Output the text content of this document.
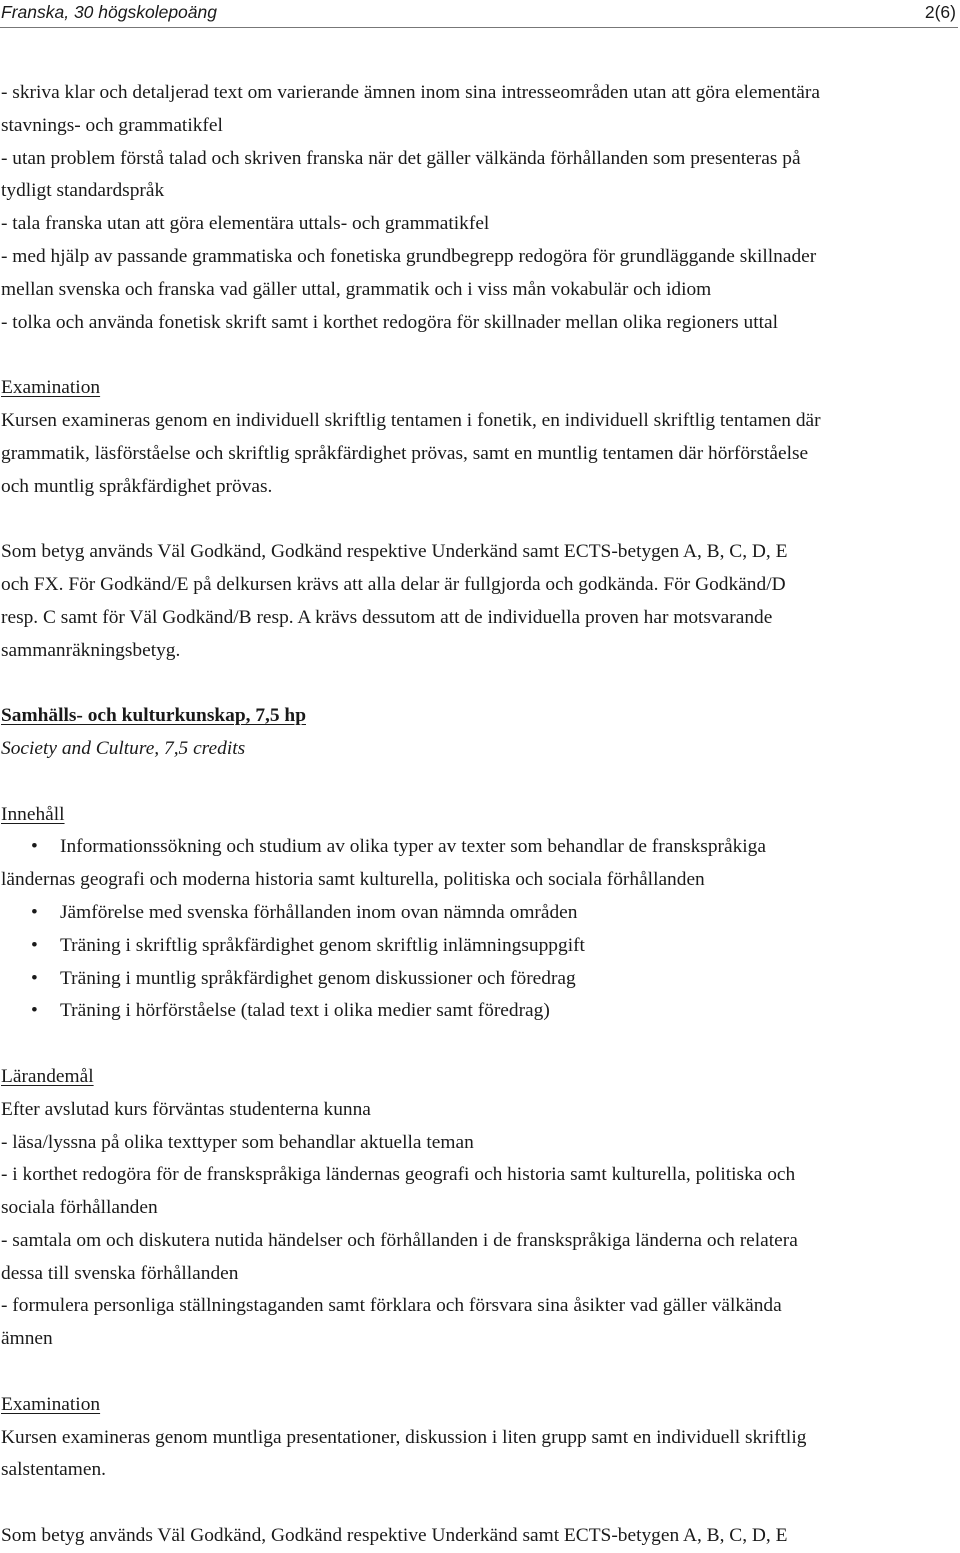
Franska, 30 högskolepoäng	2(6)

- skriva klar och detaljerad text om varierande ämnen inom sina intresseområden utan att göra elementära

stavnings- och grammatikfel

- utan problem förstå talad och skriven franska när det gäller välkända förhållanden som presenteras på

tydligt standardspråk

- tala franska utan att göra elementära uttals- och grammatikfel

- med hjälp av passande grammatiska och fonetiska grundbegrepp redogöra för grundläggande skillnader

mellan svenska och franska vad gäller uttal, grammatik och i viss mån vokabulär och idiom

- tolka och använda fonetisk skrift samt i korthet redogöra för skillnader mellan olika regioners uttal

Examination

Kursen examineras genom en individuell skriftlig tentamen i fonetik, en individuell skriftlig tentamen där

grammatik, läsförståelse och skriftlig språkfärdighet prövas, samt en muntlig tentamen där hörförståelse

och muntlig språkfärdighet prövas.

Som betyg används Väl Godkänd, Godkänd respektive Underkänd samt ECTS-betygen A, B, C, D, E

och FX. För Godkänd/E på delkursen krävs att alla delar är fullgjorda och godkända. För Godkänd/D

resp. C samt för Väl Godkänd/B resp. A krävs dessutom att de individuella proven har motsvarande

sammanräkningsbetyg.

Samhälls- och kulturkunskap, 7,5 hp

Society and Culture, 7,5 credits

Innehåll

• Informationssökning och studium av olika typer av texter som behandlar de franskspråkiga
ländernas geografi och moderna historia samt kulturella, politiska och sociala förhållanden
• Jämförelse med svenska förhållanden inom ovan nämnda områden
• Träning i skriftlig språkfärdighet genom skriftlig inlämningsuppgift
• Träning i muntlig språkfärdighet genom diskussioner och föredrag
• Träning i hörförståelse (talad text i olika medier samt föredrag)

Lärandemål

Efter avslutad kurs förväntas studenterna kunna

- läsa/lyssna på olika texttyper som behandlar aktuella teman

- i korthet redogöra för de franskspråkiga ländernas geografi och historia samt kulturella, politiska och

sociala förhållanden

- samtala om och diskutera nutida händelser och förhållanden i de franskspråkiga länderna och relatera

dessa till svenska förhållanden

- formulera personliga ställningstaganden samt förklara och försvara sina åsikter vad gäller välkända

ämnen

Examination

Kursen examineras genom muntliga presentationer, diskussion i liten grupp samt en individuell skriftlig

salstentamen.

Som betyg används Väl Godkänd, Godkänd respektive Underkänd samt ECTS-betygen A, B, C, D, E
